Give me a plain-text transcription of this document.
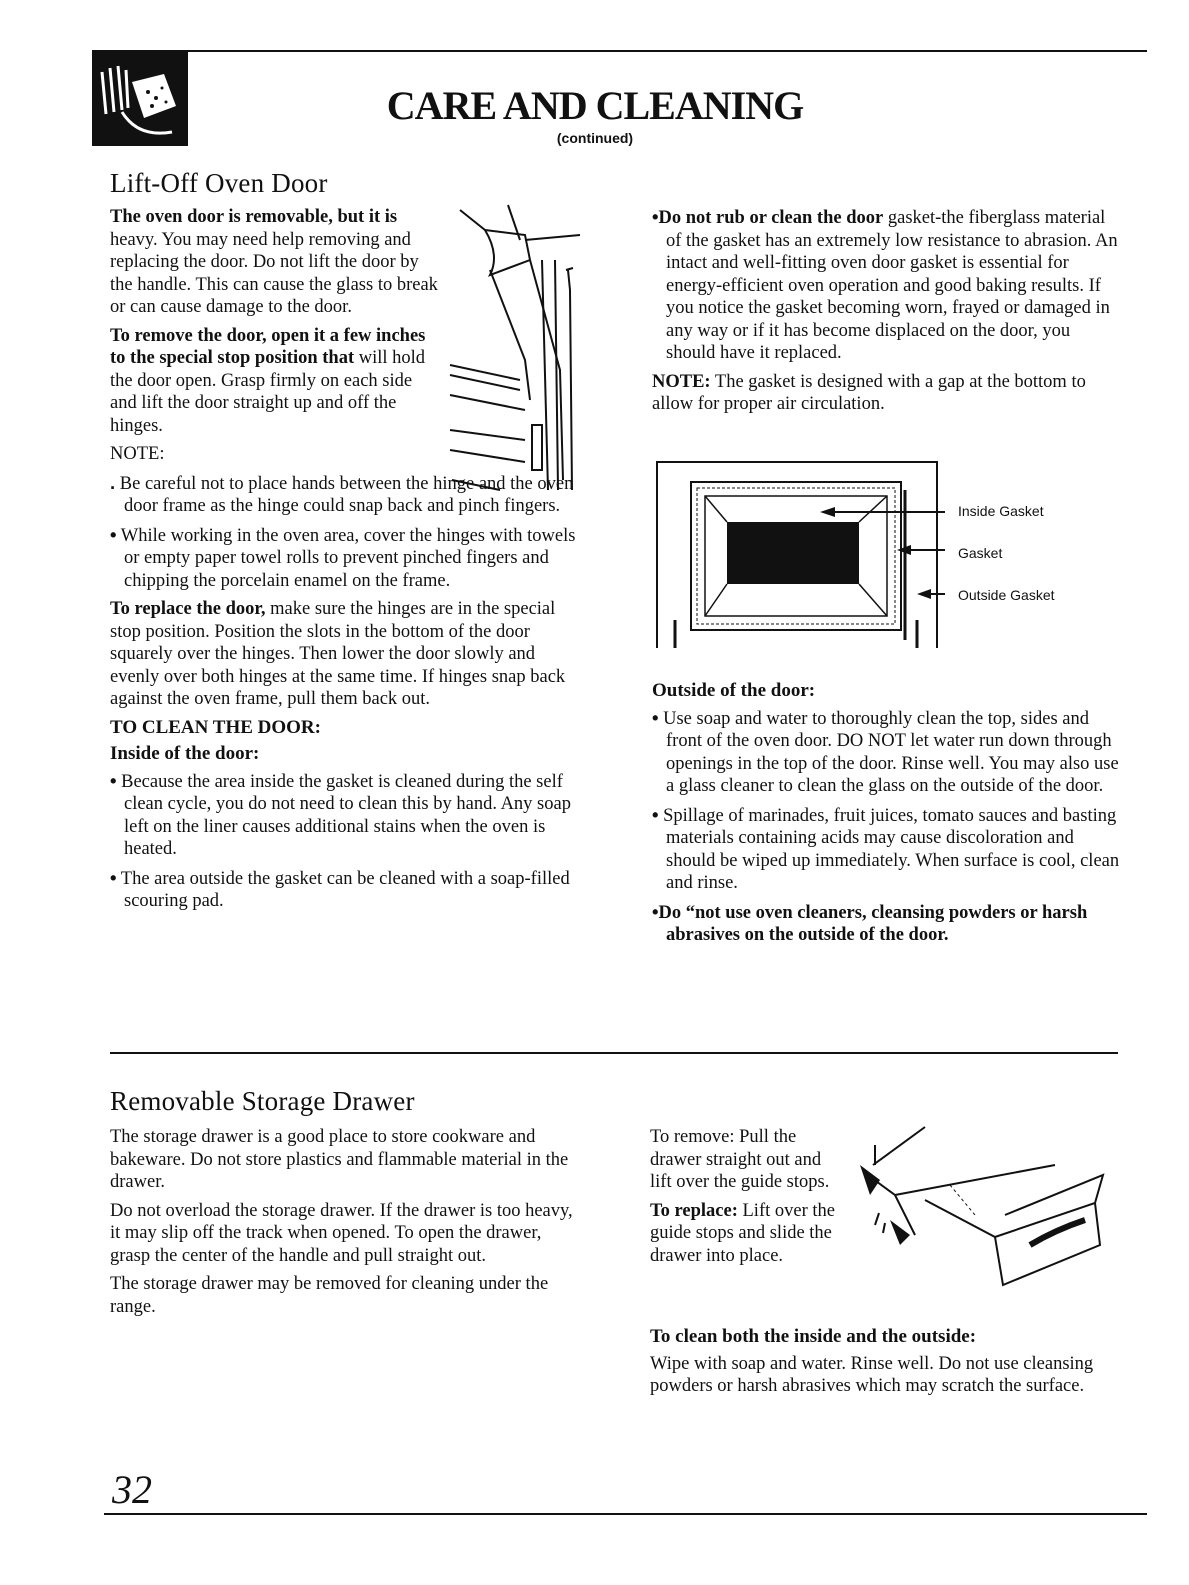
CARE AND CLEANING
(continued)
Lift-Off Oven Door

The oven door is removable, but it is heavy. You may need help removing and replacing the door. Do not lift the door by the handle. This can cause the glass to break or can cause damage to the door.

To remove the door, open it a few inches to the special stop position that will hold the door open. Grasp firmly on each side and lift the door straight up and off the hinges.

NOTE:

. Be careful not to place hands between the hinge and the oven door frame as the hinge could snap back and pinch fingers.

• While working in the oven area, cover the hinges with towels or empty paper towel rolls to prevent pinched fingers and chipping the porcelain enamel on the frame.

To replace the door, make sure the hinges are in the special stop position. Position the slots in the bottom of the door squarely over the hinges. Then lower the door slowly and evenly over both hinges at the same time. If hinges snap back against the oven frame, pull them back out.

TO CLEAN THE DOOR:
Inside of the door:

• Because the area inside the gasket is cleaned during the self clean cycle, you do not need to clean this by hand. Any soap left on the liner causes additional stains when the oven is heated.

• The area outside the gasket can be cleaned with a soap-filled scouring pad.

•Do not rub or clean the door gasket-the fiberglass material of the gasket has an extremely low resistance to abrasion. An intact and well-fitting oven door gasket is essential for energy-efficient oven operation and good baking results. If you notice the gasket becoming worn, frayed or damaged in any way or if it has become displaced on the door, you should have it replaced.

NOTE: The gasket is designed with a gap at the bottom to allow for proper air circulation.

Inside Gasket
Gasket
Outside Gasket
Outside of the door:

• Use soap and water to thoroughly clean the top, sides and front of the oven door. DO NOT let water run down through openings in the top of the door. Rinse well. You may also use a glass cleaner to clean the glass on the outside of the door.

• Spillage of marinades, fruit juices, tomato sauces and basting materials containing acids may cause discoloration and should be wiped up immediately. When surface is cool, clean and rinse.

•Do “not use oven cleaners, cleansing powders or harsh abrasives on the outside of the door.

Removable Storage Drawer

The storage drawer is a good place to store cookware and bakeware. Do not store plastics and flammable material in the drawer.

Do not overload the storage drawer. If the drawer is too heavy, it may slip off the track when opened. To open the drawer, grasp the center of the handle and pull straight out.

The storage drawer may be removed for cleaning under the range.

To remove: Pull the drawer straight out and lift over the guide stops.

To replace: Lift over the guide stops and slide the drawer into place.

To clean both the inside and the outside:

Wipe with soap and water. Rinse well. Do not use cleansing powders or harsh abrasives which may scratch the surface.

32
